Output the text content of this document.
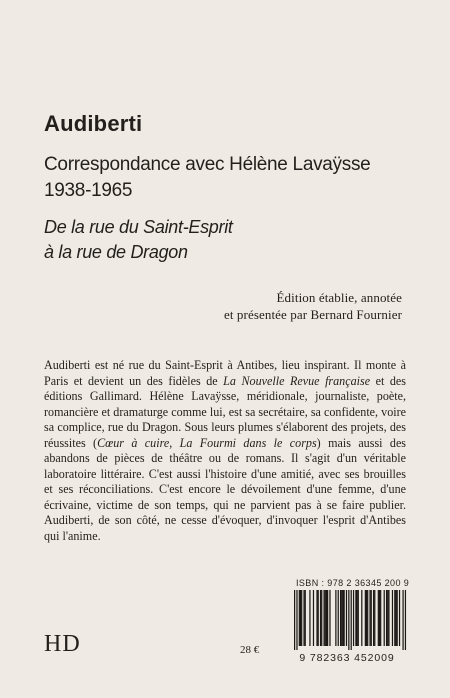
Audiberti
Correspondance avec Hélène Lavaÿsse
1938-1965
De la rue du Saint-Esprit
à la rue de Dragon
Édition établie, annotée
et présentée par Bernard Fournier
Audiberti est né rue du Saint-Esprit à Antibes, lieu inspirant. Il monte à Paris et devient un des fidèles de La Nouvelle Revue française et des éditions Gallimard. Hélène Lavaÿsse, méridionale, journaliste, poète, romancière et dramaturge comme lui, est sa secrétaire, sa confidente, voire sa complice, rue du Dragon. Sous leurs plumes s'élaborent des projets, des réussites (Cœur à cuire, La Fourmi dans le corps) mais aussi des abandons de pièces de théâtre ou de romans. Il s'agit d'un véritable laboratoire littéraire. C'est aussi l'histoire d'une amitié, avec ses brouilles et ses réconciliations. C'est encore le dévoilement d'une femme, d'une écrivaine, victime de son temps, qui ne parvient pas à se faire publier. Audiberti, de son côté, ne cesse d'évoquer, d'invoquer l'esprit d'Antibes qui l'anime.
ISBN : 978 2 36345 200 9
9 782363 452009
HD	28 €
